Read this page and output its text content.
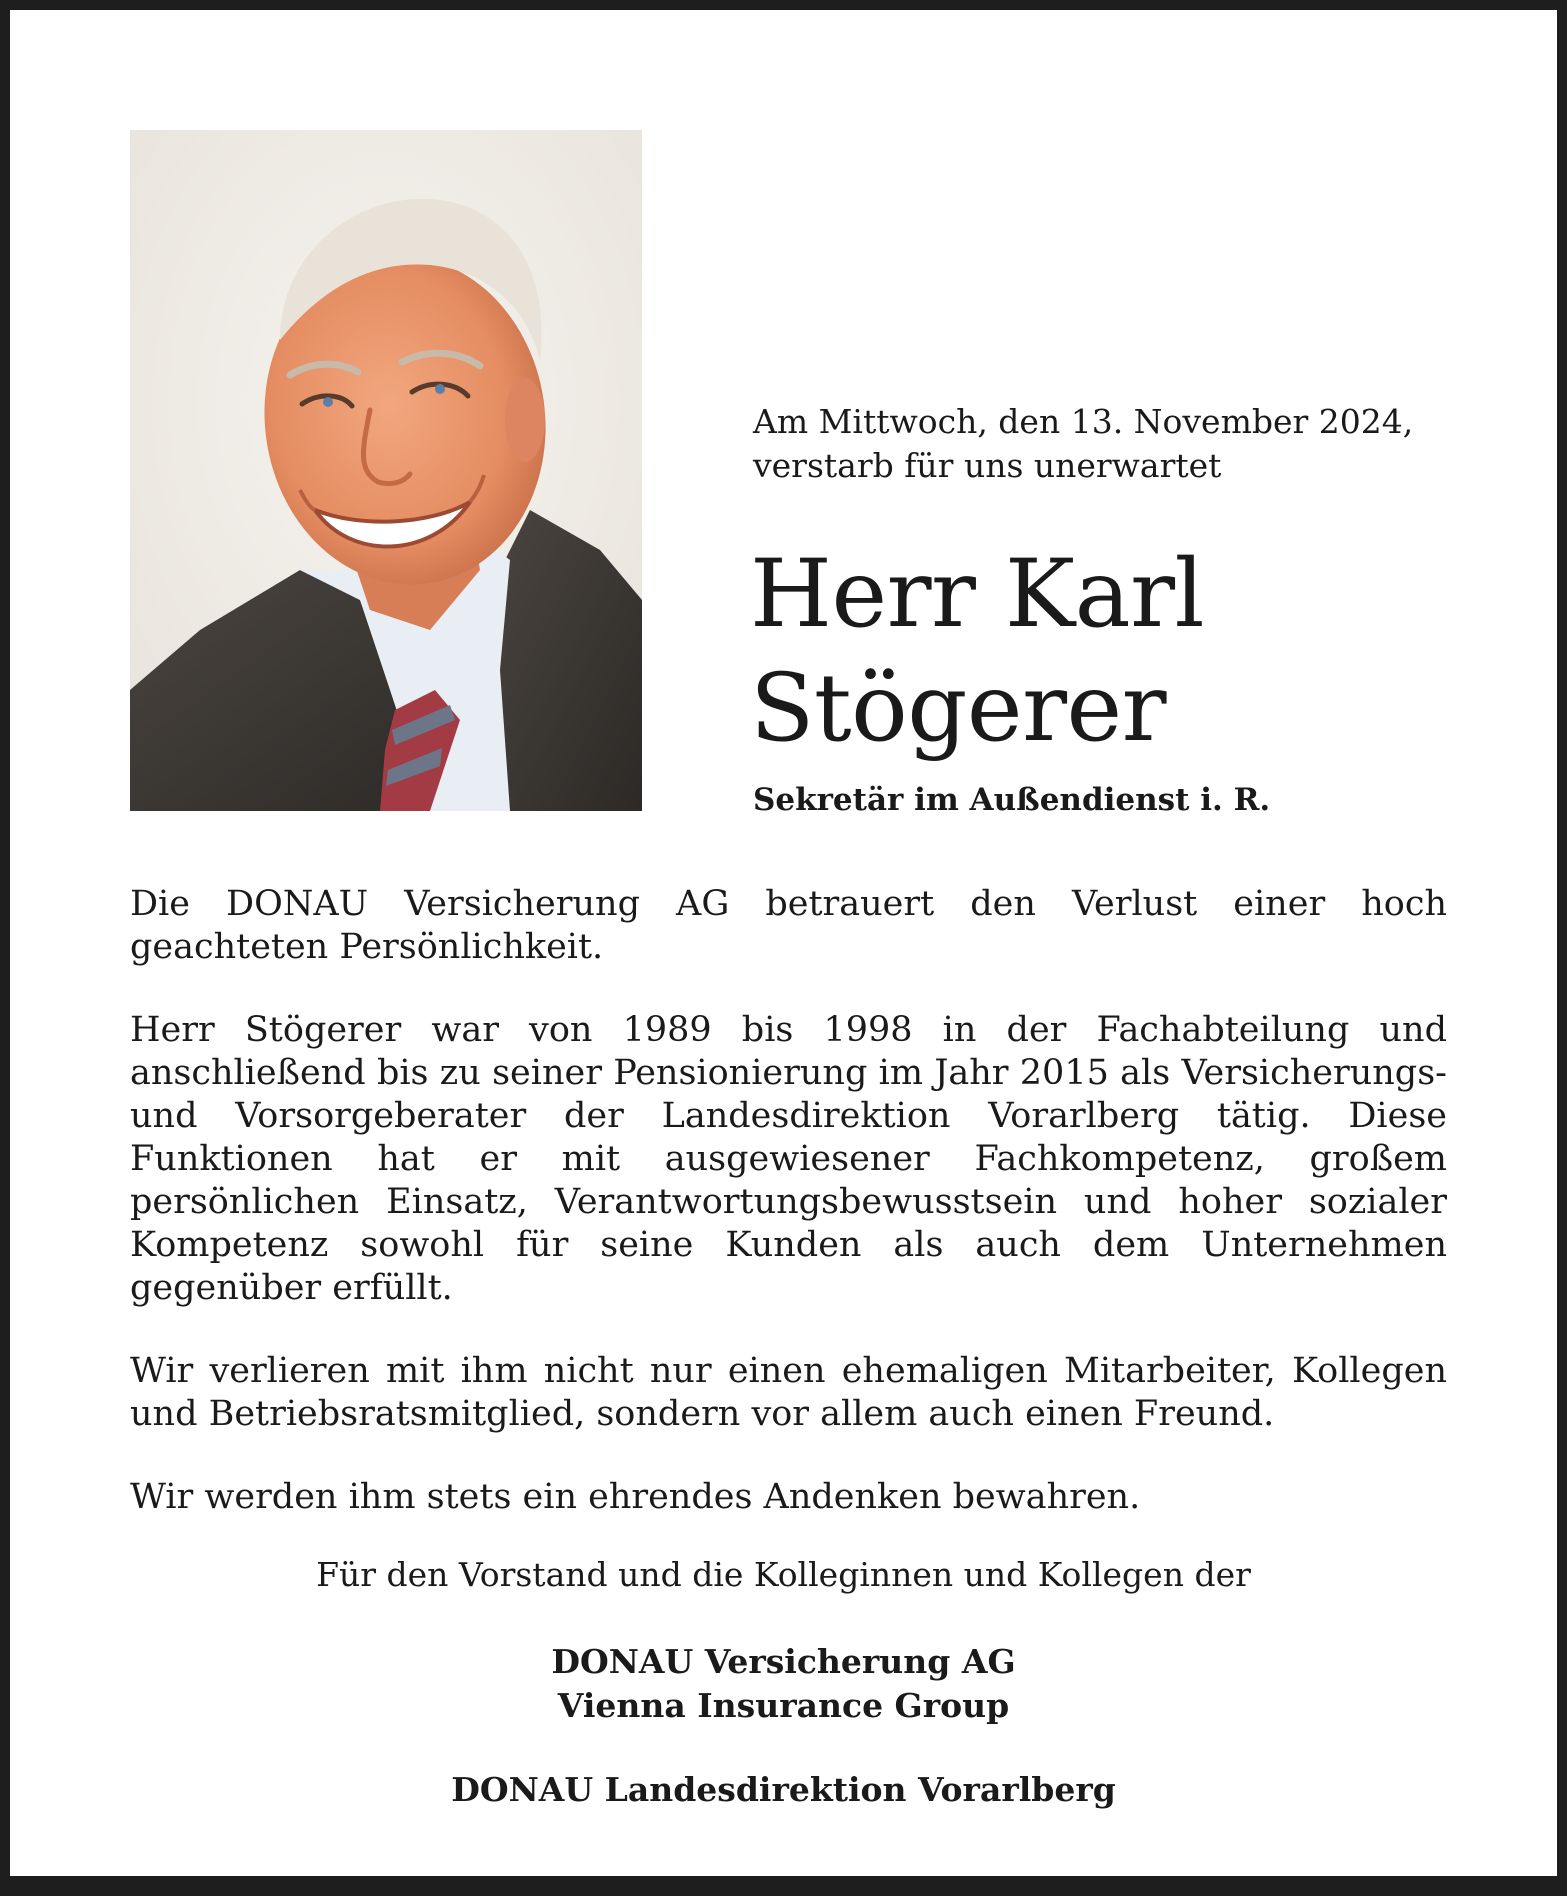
Am Mittwoch, den 13. November 2024,
verstarb für uns unerwartet
Herr Karl
Stögerer
Sekretär im Außendienst i. R.

Die DONAU Versicherung AG betrauert den Verlust einer hoch geachteten Persönlichkeit.

Herr Stögerer war von 1989 bis 1998 in der Fachabteilung und anschließend bis zu seiner Pensionierung im Jahr 2015 als Versicherungs- und Vorsorgeberater der Landesdirektion Vorarlberg tätig. Diese Funktionen hat er mit ausgewiesener Fachkompetenz, großem persönlichen Einsatz, Verantwortungsbewusstsein und hoher sozialer Kompetenz sowohl für seine Kunden als auch dem Unternehmen gegenüber erfüllt.

Wir verlieren mit ihm nicht nur einen ehemaligen Mitarbeiter, Kollegen und Betriebsratsmitglied, sondern vor allem auch einen Freund.

Wir werden ihm stets ein ehrendes Andenken bewahren.

Für den Vorstand und die Kolleginnen und Kollegen der
DONAU Versicherung AG
Vienna Insurance Group
DONAU Landesdirektion Vorarlberg
